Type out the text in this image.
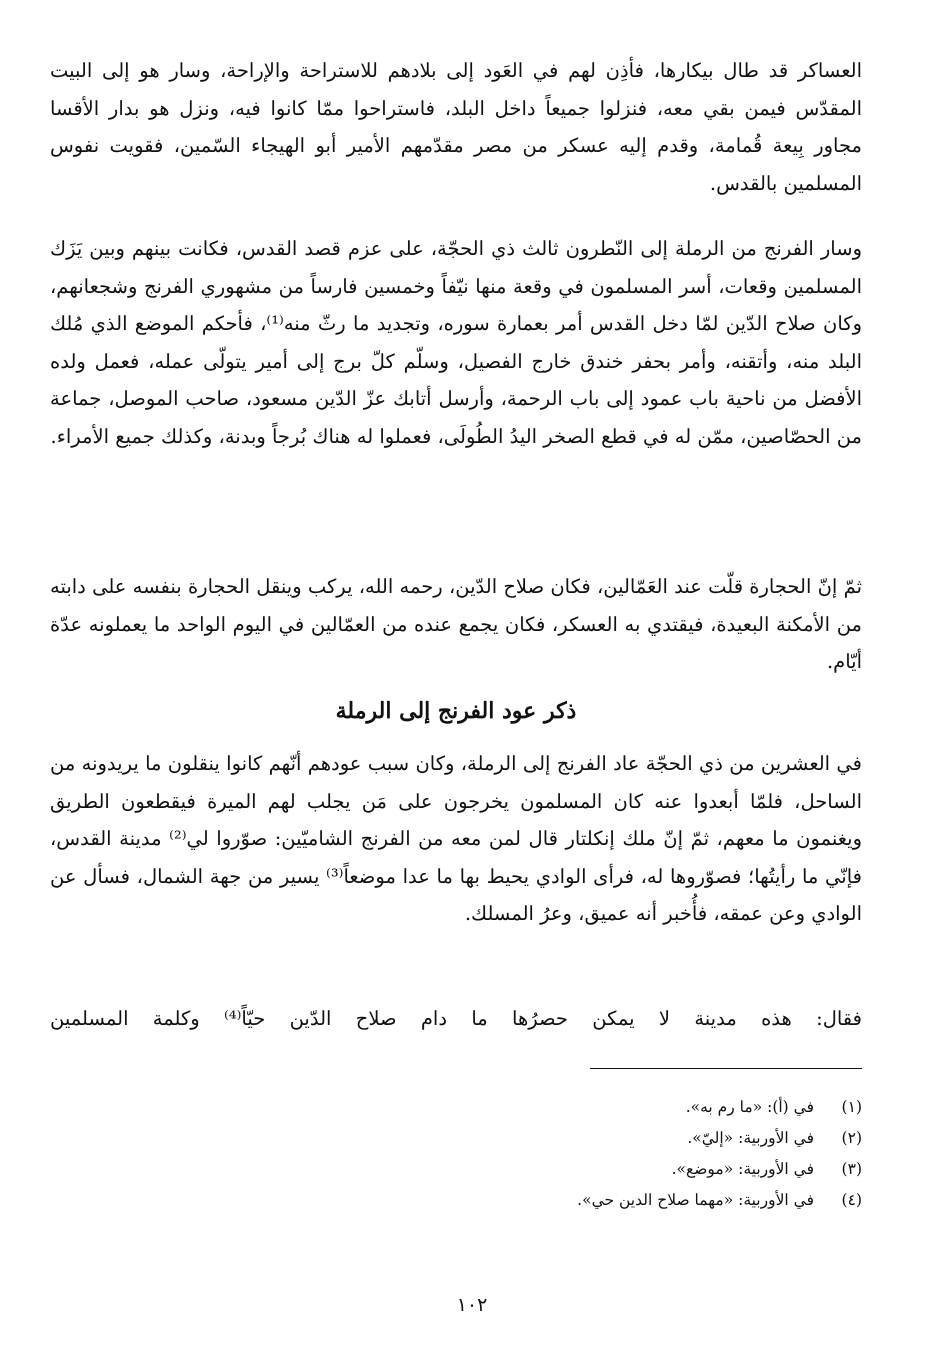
العساكر قد طال بيكارها، فأذِن لهم في العَود إلى بلادهم للاستراحة والإراحة، وسار هو إلى البيت المقدّس فيمن بقي معه، فنزلوا جميعاً داخل البلد، فاستراحوا ممّا كانوا فيه، ونزل هو بدار الأقسا مجاور بِيعة قُمامة، وقدم إليه عسكر من مصر مقدّمهم الأمير أبو الهيجاء السّمين، فقويت نفوس المسلمين بالقدس.

وسار الفرنج من الرملة إلى النّطرون ثالث ذي الحجّة، على عزم قصد القدس، فكانت بينهم وبين يَزَك المسلمين وقعات، أسر المسلمون في وقعة منها نيّفاً وخمسين فارساً من مشهوري الفرنج وشجعانهم، وكان صلاح الدّين لمّا دخل القدس أمر بعمارة سوره، وتجديد ما رثّ منه⁽¹⁾، فأحكم الموضع الذي مُلك البلد منه، وأتقنه، وأمر بحفر خندق خارج الفصيل، وسلّم كلّ برج إلى أمير يتولّى عمله، فعمل ولده الأفضل من ناحية باب عمود إلى باب الرحمة، وأرسل أتابك عزّ الدّين مسعود، صاحب الموصل، جماعة من الحصّاصين، ممّن له في قطع الصخر اليدُ الطُولَى، فعملوا له هناك بُرجاً وبدنة، وكذلك جميع الأمراء.

ثمّ إنّ الحجارة قلّت عند العَمّالين، فكان صلاح الدّين، رحمه الله، يركب وينقل الحجارة بنفسه على دابته من الأمكنة البعيدة، فيقتدي به العسكر، فكان يجمع عنده من العمّالين في اليوم الواحد ما يعملونه عدّة أيّام.

ذكر عود الفرنج إلى الرملة

في العشرين من ذي الحجّة عاد الفرنج إلى الرملة، وكان سبب عودهم أنّهم كانوا ينقلون ما يريدونه من الساحل، فلمّا أبعدوا عنه كان المسلمون يخرجون على مَن يجلب لهم الميرة فيقطعون الطريق ويغنمون ما معهم، ثمّ إنّ ملك إنكلتار قال لمن معه من الفرنج الشاميّين: صوّروا لي⁽²⁾ مدينة القدس، فإنّي ما رأيتُها؛ فصوّروها له، فرأى الوادي يحيط بها ما عدا موضعاً⁽³⁾ يسير من جهة الشمال، فسأل عن الوادي وعن عمقه، فأُخبر أنه عميق، وعرُ المسلك.

فقال: هذه مدينة لا يمكن حصرُها ما دام صلاح الدّين حيّاً⁽⁴⁾ وكلمة المسلمين

(١)
في (أ): «ما رم به».
(٢)
في الأوربية: «إليّ».
(٣)
في الأوربية: «موضع».
(٤)
في الأوربية: «مهما صلاح الدين حي».
١٠٢
